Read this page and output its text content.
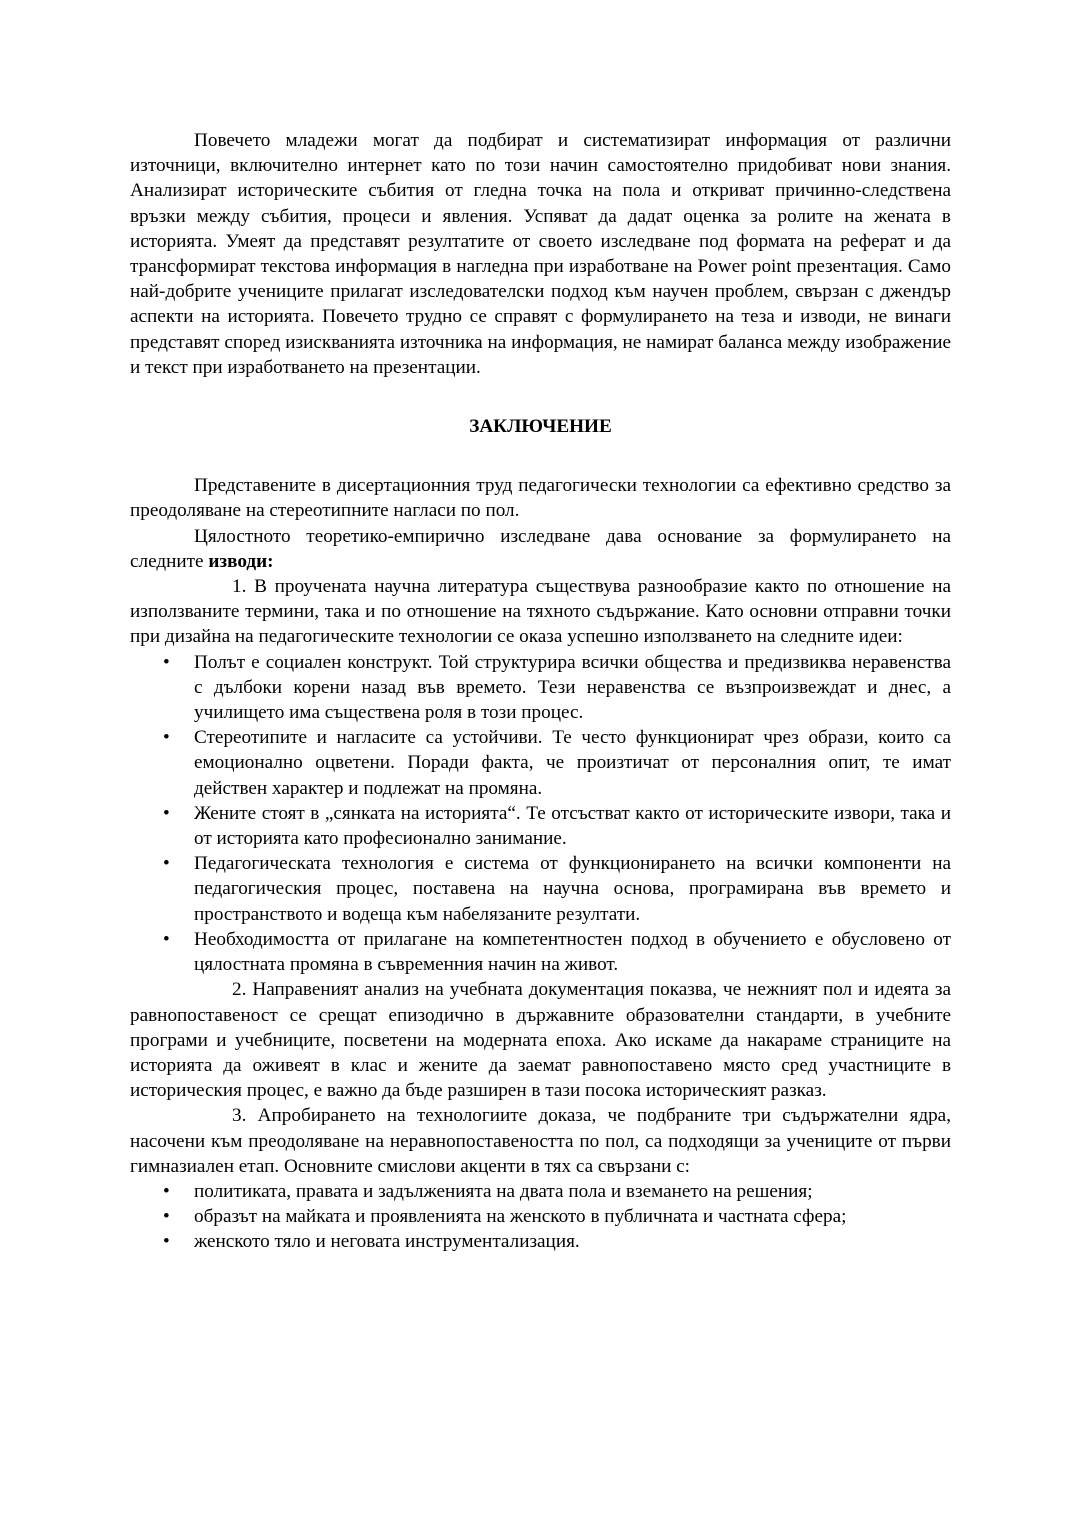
Повечето младежи могат да подбират и систематизират информация от различни източници, включително интернет като по този начин самостоятелно придобиват нови знания. Анализират историческите събития от гледна точка на пола и откриват причинно-следствена връзки между събития, процеси и явления. Успяват да дадат оценка за ролите на жената в историята. Умеят да представят резултатите от своето изследване под формата на реферат и да трансформират текстова информация в нагледна при изработване на Power point презентация. Само най-добрите учениците прилагат изследователски подход към научен проблем, свързан с джендър аспекти на историята. Повечето трудно се справят с формулирането на теза и изводи, не винаги представят според изискванията източника на информация, не намират баланса между изображение и текст при изработването на презентации.

ЗАКЛЮЧЕНИЕ

Представените в дисертационния труд педагогически технологии са ефективно средство за преодоляване на стереотипните нагласи по пол.

Цялостното теоретико-емпирично изследване дава основание за формулирането на следните изводи:

1. В проучената научна литература съществува разнообразие както по отношение на използваните термини, така и по отношение на тяхното съдържание. Като основни отправни точки при дизайна на педагогическите технологии се оказа успешно използването на следните идеи:

• Полът е социален конструкт. Той структурира всички общества и предизвиква неравенства с дълбоки корени назад във времето. Тези неравенства се възпроизвеждат и днес, а училището има съществена роля в този процес.
• Стереотипите и нагласите са устойчиви. Те често функционират чрез образи, които са емоционално оцветени. Поради факта, че произтичат от персоналния опит, те имат действен характер и подлежат на промяна.
• Жените стоят в „сянката на историята“. Те отсъстват както от историческите извори, така и от историята като професионално занимание.
• Педагогическата технология е система от функционирането на всички компоненти на педагогическия процес, поставена на научна основа, програмирана във времето и пространството и водеща към набелязаните резултати.
• Необходимостта от прилагане на компетентностен подход в обучението е обусловено от цялостната промяна в съвременния начин на живот.

2. Направеният анализ на учебната документация показва, че нежният пол и идеята за равнопоставеност се срещат епизодично в държавните образователни стандарти, в учебните програми и учебниците, посветени на модерната епоха. Ако искаме да накараме страниците на историята да оживеят в клас и жените да заемат равнопоставено място сред участниците в историческия процес, е важно да бъде разширен в тази посока историческият разказ.

3. Апробирането на технологиите доказа, че подбраните три съдържателни ядра, насочени към преодоляване на неравнопоставеността по пол, са подходящи за учениците от първи гимназиален етап. Основните смислови акценти в тях са свързани с:

• политиката, правата и задълженията на двата пола и вземането на решения;
• образът на майката и проявленията на женското в публичната и частната сфера;
• женското тяло и неговата инструментализация.
